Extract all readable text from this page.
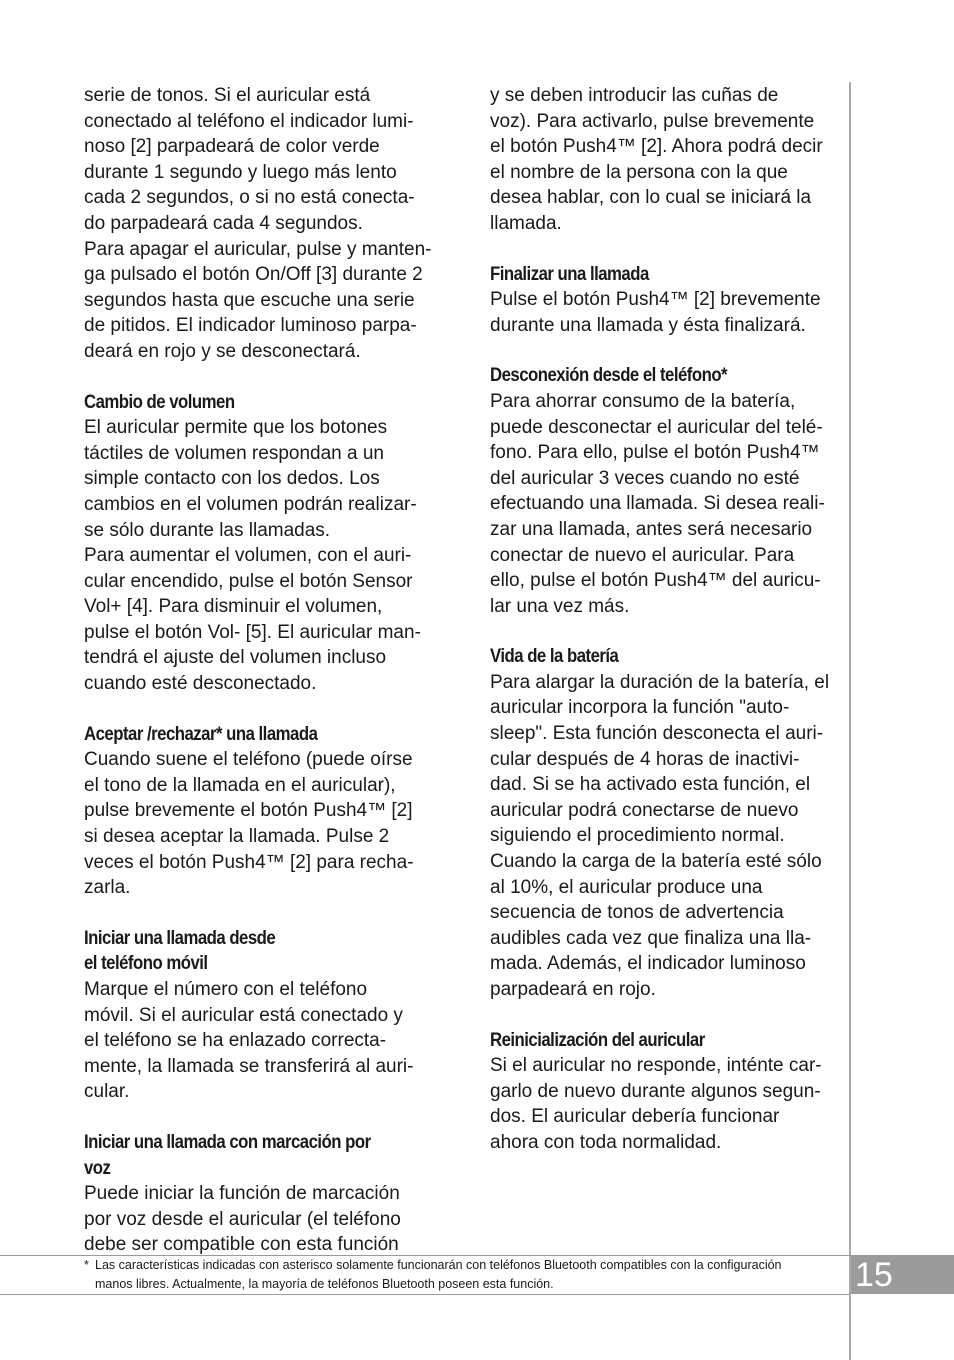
serie de tonos. Si el auricular está
conectado al teléfono el indicador lumi-
noso [2] parpadeará de color verde
durante 1 segundo y luego más lento
cada 2 segundos, o si no está conecta-
do parpadeará cada 4 segundos.
Para apagar el auricular, pulse y manten-
ga pulsado el botón On/Off [3] durante 2
segundos hasta que escuche una serie
de pitidos. El indicador luminoso parpa-
deará en rojo y se desconectará.

Cambio de volumen

El auricular permite que los botones
táctiles de volumen respondan a un
simple contacto con los dedos. Los
cambios en el volumen podrán realizar-
se sólo durante las llamadas.
Para aumentar el volumen, con el auri-
cular encendido, pulse el botón Sensor
Vol+ [4]. Para disminuir el volumen,
pulse el botón Vol- [5]. El auricular man-
tendrá el ajuste del volumen incluso
cuando esté desconectado.

Aceptar /rechazar* una llamada

Cuando suene el teléfono (puede oírse
el tono de la llamada en el auricular),
pulse brevemente el botón Push4™ [2]
si desea aceptar la llamada. Pulse 2
veces el botón Push4™ [2] para recha-
zarla.

Iniciar una llamada desde
el teléfono móvil

Marque el número con el teléfono
móvil. Si el auricular está conectado y
el teléfono se ha enlazado correcta-
mente, la llamada se transferirá al auri-
cular.

Iniciar una llamada con marcación por voz

Puede iniciar la función de marcación
por voz desde el auricular (el teléfono
debe ser compatible con esta función

y se deben introducir las cuñas de
voz). Para activarlo, pulse brevemente
el botón Push4™ [2]. Ahora podrá decir
el nombre de la persona con la que
desea hablar, con lo cual se iniciará la
llamada.

Finalizar una llamada

Pulse el botón Push4™ [2] brevemente
durante una llamada y ésta finalizará.

Desconexión desde el teléfono*

Para ahorrar consumo de la batería,
puede desconectar el auricular del telé-
fono. Para ello, pulse el botón Push4™
del auricular 3 veces cuando no esté
efectuando una llamada. Si desea reali-
zar una llamada, antes será necesario
conectar de nuevo el auricular. Para
ello, pulse el botón Push4™ del auricu-
lar una vez más.

Vida de la batería

Para alargar la duración de la batería, el
auricular incorpora la función "auto-
sleep". Esta función desconecta el auri-
cular después de 4 horas de inactivi-
dad. Si se ha activado esta función, el
auricular podrá conectarse de nuevo
siguiendo el procedimiento normal.
Cuando la carga de la batería esté sólo
al 10%, el auricular produce una
secuencia de tonos de advertencia
audibles cada vez que finaliza una lla-
mada. Además, el indicador luminoso
parpadeará en rojo.

Reinicialización del auricular

Si el auricular no responde, inténte car-
garlo de nuevo durante algunos segun-
dos. El auricular debería funcionar
ahora con toda normalidad.

* Las características indicadas con asterisco solamente funcionarán con teléfonos Bluetooth compatibles con la configuración
manos libres. Actualmente, la mayoría de teléfonos Bluetooth poseen esta función.	15
